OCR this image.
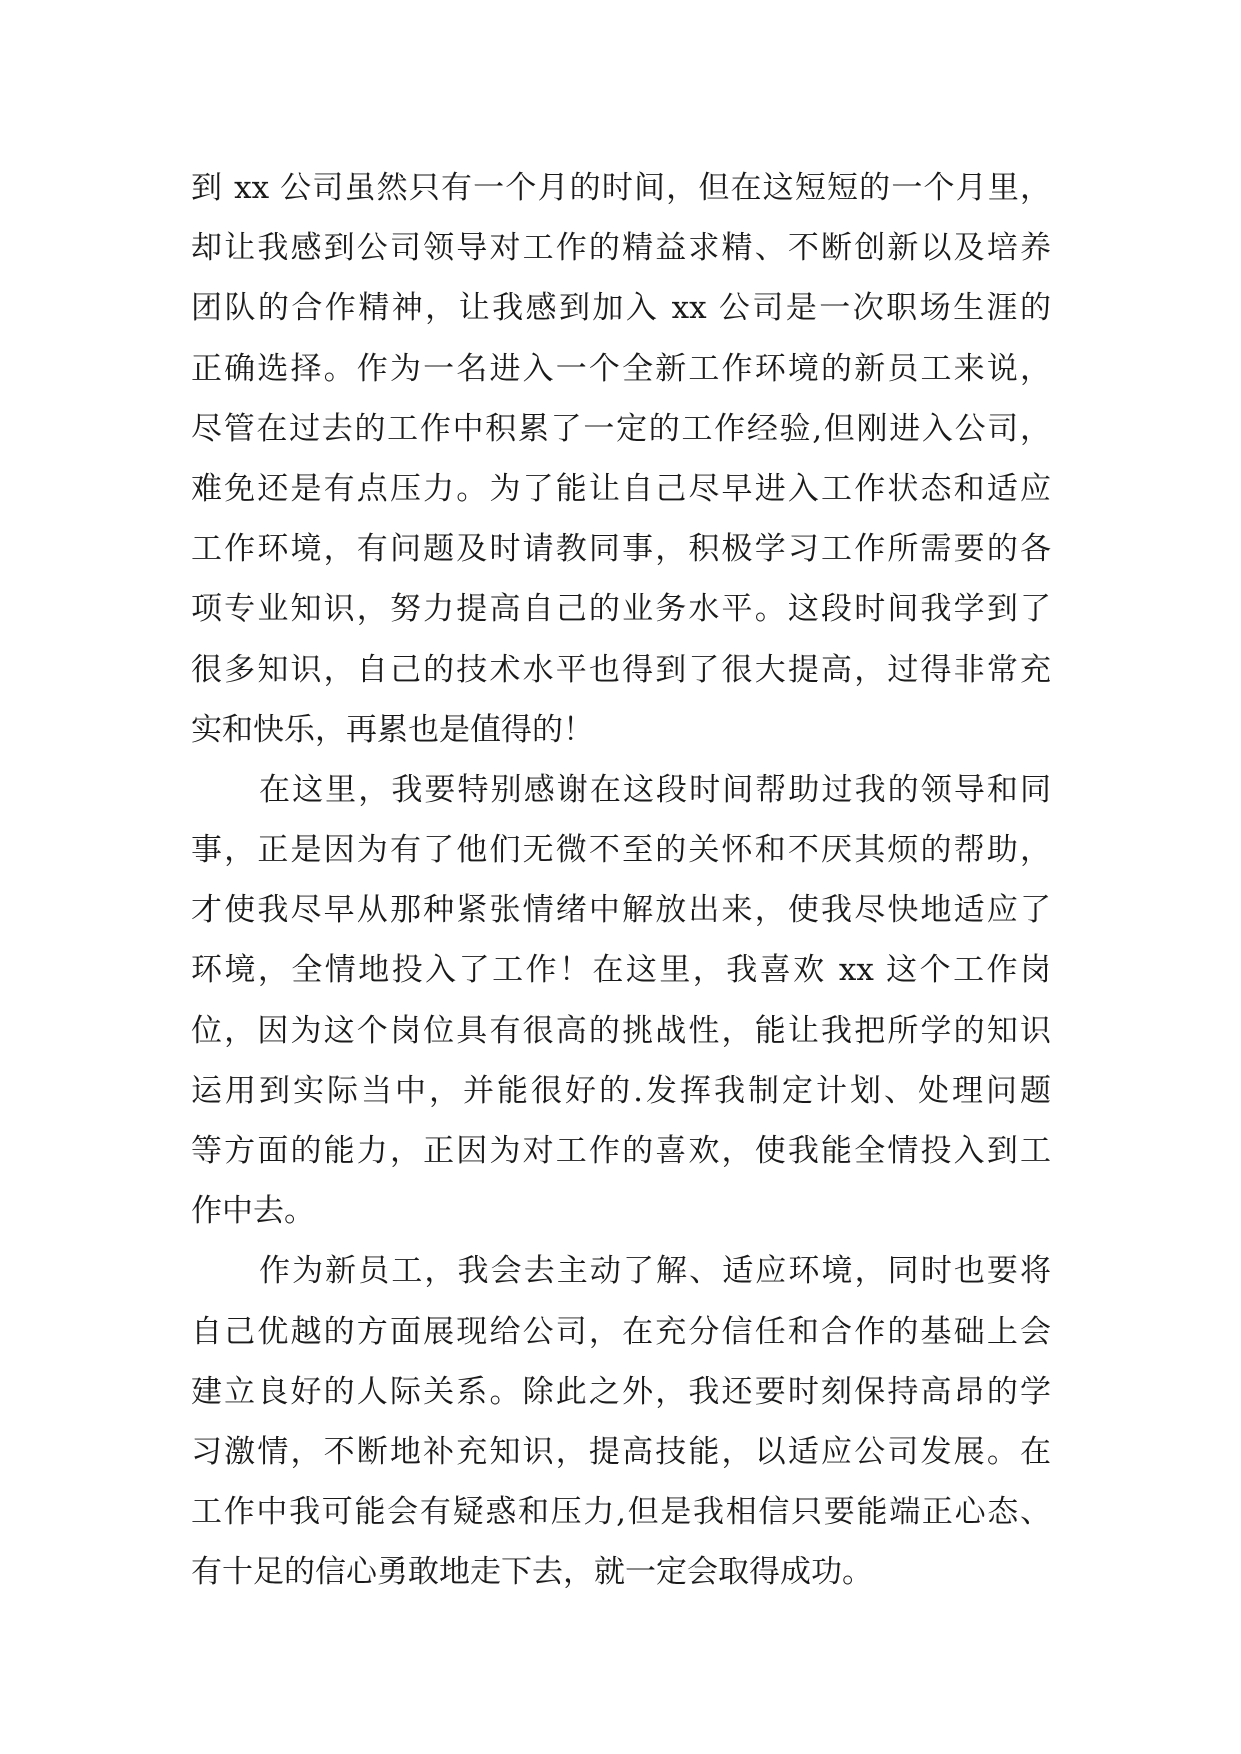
到 xx 公司虽然只有一个月的时间，但在这短短的一个月里，
却让我感到公司领导对工作的精益求精、不断创新以及培养
团队的合作精神，让我感到加入 xx 公司是一次职场生涯的
正确选择。作为一名进入一个全新工作环境的新员工来说，
尽管在过去的工作中积累了一定的工作经验,但刚进入公司，
难免还是有点压力。为了能让自己尽早进入工作状态和适应
工作环境，有问题及时请教同事，积极学习工作所需要的各
项专业知识，努力提高自己的业务水平。这段时间我学到了
很多知识，自己的技术水平也得到了很大提高，过得非常充
实和快乐，再累也是值得的！
在这里，我要特别感谢在这段时间帮助过我的领导和同
事，正是因为有了他们无微不至的关怀和不厌其烦的帮助，
才使我尽早从那种紧张情绪中解放出来，使我尽快地适应了
环境，全情地投入了工作！在这里，我喜欢 xx 这个工作岗
位，因为这个岗位具有很高的挑战性，能让我把所学的知识
运用到实际当中，并能很好的.发挥我制定计划、处理问题
等方面的能力，正因为对工作的喜欢，使我能全情投入到工
作中去。
作为新员工，我会去主动了解、适应环境，同时也要将
自己优越的方面展现给公司，在充分信任和合作的基础上会
建立良好的人际关系。除此之外，我还要时刻保持高昂的学
习激情，不断地补充知识，提高技能，以适应公司发展。在
工作中我可能会有疑惑和压力,但是我相信只要能端正心态、
有十足的信心勇敢地走下去，就一定会取得成功。
